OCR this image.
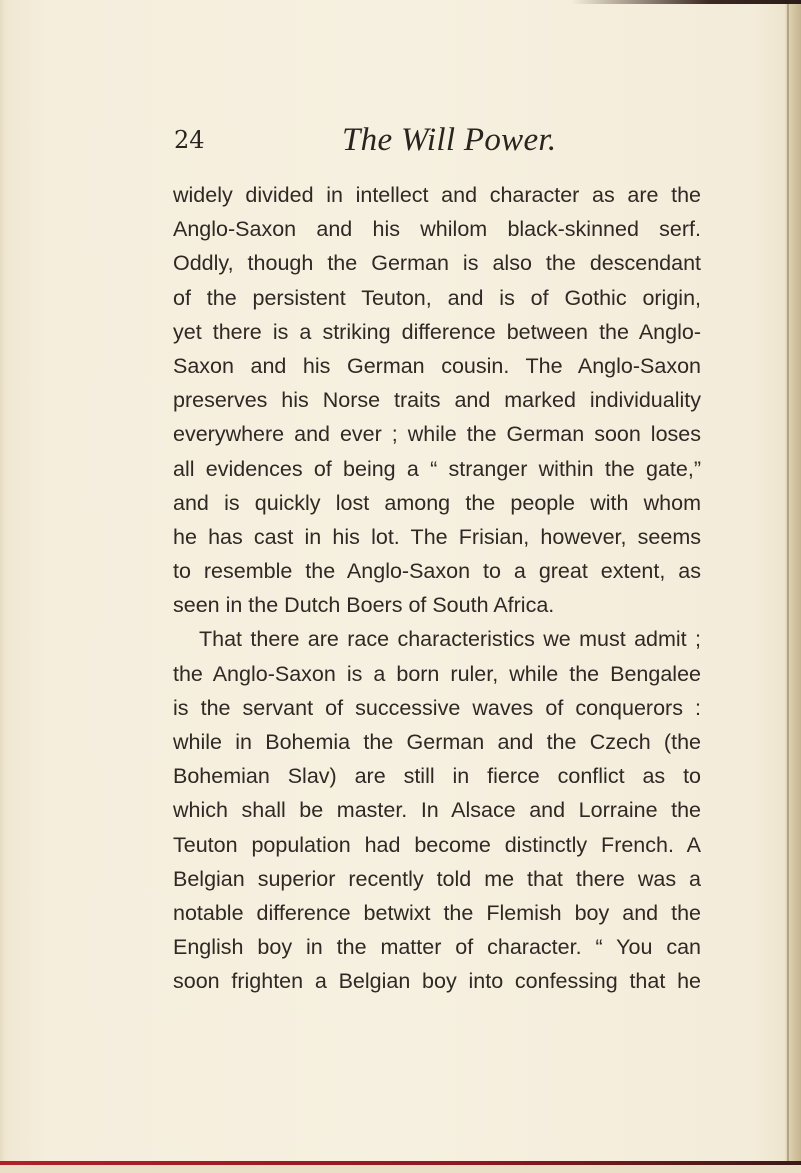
24	The Will Power.
widely divided in intellect and character as are the
Anglo-Saxon and his whilom black-skinned serf.
Oddly, though the German is also the descendant
of the persistent Teuton, and is of Gothic origin,
yet there is a striking difference between the Anglo-
Saxon and his German cousin. The Anglo-Saxon
preserves his Norse traits and marked individuality
everywhere and ever ; while the German soon loses
all evidences of being a “ stranger within the gate,”
and is quickly lost among the people with whom
he has cast in his lot. The Frisian, however, seems
to resemble the Anglo-Saxon to a great extent, as
seen in the Dutch Boers of South Africa.
That there are race characteristics we must admit ;
the Anglo-Saxon is a born ruler, while the Bengalee
is the servant of successive waves of conquerors :
while in Bohemia the German and the Czech (the
Bohemian Slav) are still in fierce conflict as to
which shall be master. In Alsace and Lorraine the
Teuton population had become distinctly French. A
Belgian superior recently told me that there was a
notable difference betwixt the Flemish boy and the
English boy in the matter of character. “ You can
soon frighten a Belgian boy into confessing that he
